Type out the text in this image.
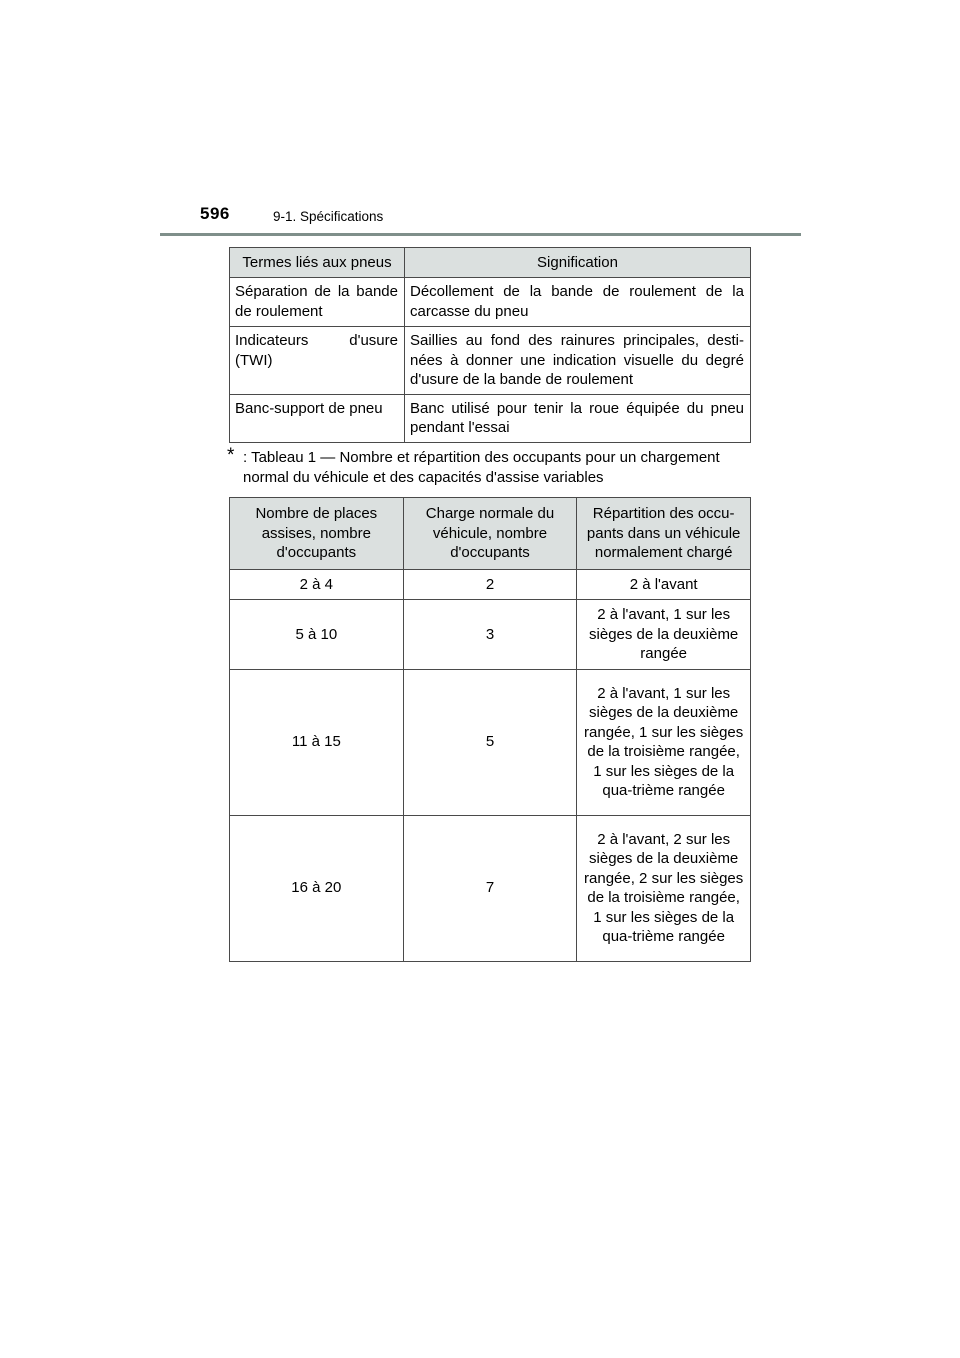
596	9-1. Spécifications
Termes liés aux pneus	Signification
Séparation de la bande de roulement	Décollement de la bande de roulement de la carcasse du pneu
Indicateurs d'usure (TWI)	Saillies au fond des rainures principales, desti-nées à donner une indication visuelle du degré d'usure de la bande de roulement
Banc-support de pneu	Banc utilisé pour tenir la roue équipée du pneu pendant l'essai
* : Tableau 1 — Nombre et répartition des occupants pour un chargement normal du véhicule et des capacités d'assise variables
Nombre de places assises, nombre d'occupants	Charge normale du véhicule, nombre d'occupants	Répartition des occu-pants dans un véhicule normalement chargé
2 à 4	2	2 à l'avant
5 à 10	3	2 à l'avant, 1 sur les sièges de la deuxième rangée
11 à 15	5	2 à l'avant, 1 sur les sièges de la deuxième rangée, 1 sur les sièges de la troisième rangée, 1 sur les sièges de la qua-trième rangée
16 à 20	7	2 à l'avant, 2 sur les sièges de la deuxième rangée, 2 sur les sièges de la troisième rangée, 1 sur les sièges de la qua-trième rangée
